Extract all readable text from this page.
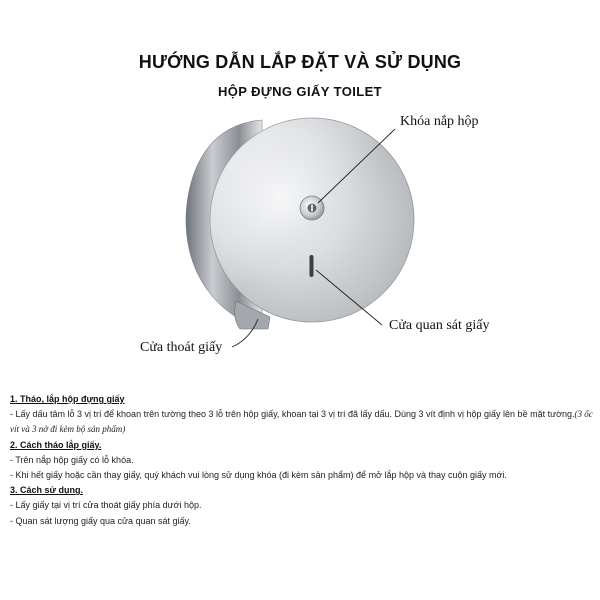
HƯỚNG DẪN LẮP ĐẶT VÀ SỬ DỤNG
HỘP ĐỰNG GIẤY TOILET
Khóa nắp hộp
Cửa quan sát giấy
Cửa thoát giấy
1. Tháo, lắp hộp đựng giấy
- Lấy dấu tâm lỗ 3 vị trí để khoan trên tường theo 3 lỗ trên hộp giấy, khoan tại 3 vị trí đã lấy dấu. Dùng 3 vít định vị hộp giấy lên bề mặt tường.(3 ốc vít và 3 nở đi kèm bộ sản phẩm)
2. Cách tháo lắp giấy.
- Trên nắp hộp giấy có lỗ khóa.
- Khi hết giấy hoặc cần thay giấy, quý khách vui lòng sử dụng khóa (đi kèm sản phẩm) để mở lắp hộp và thay cuộn giấy mới.
3. Cách sử dụng.
- Lấy giấy tại vị trí cửa thoát giấy phía dưới hộp.
- Quan sát lượng giấy qua cửa quan sát giấy.
